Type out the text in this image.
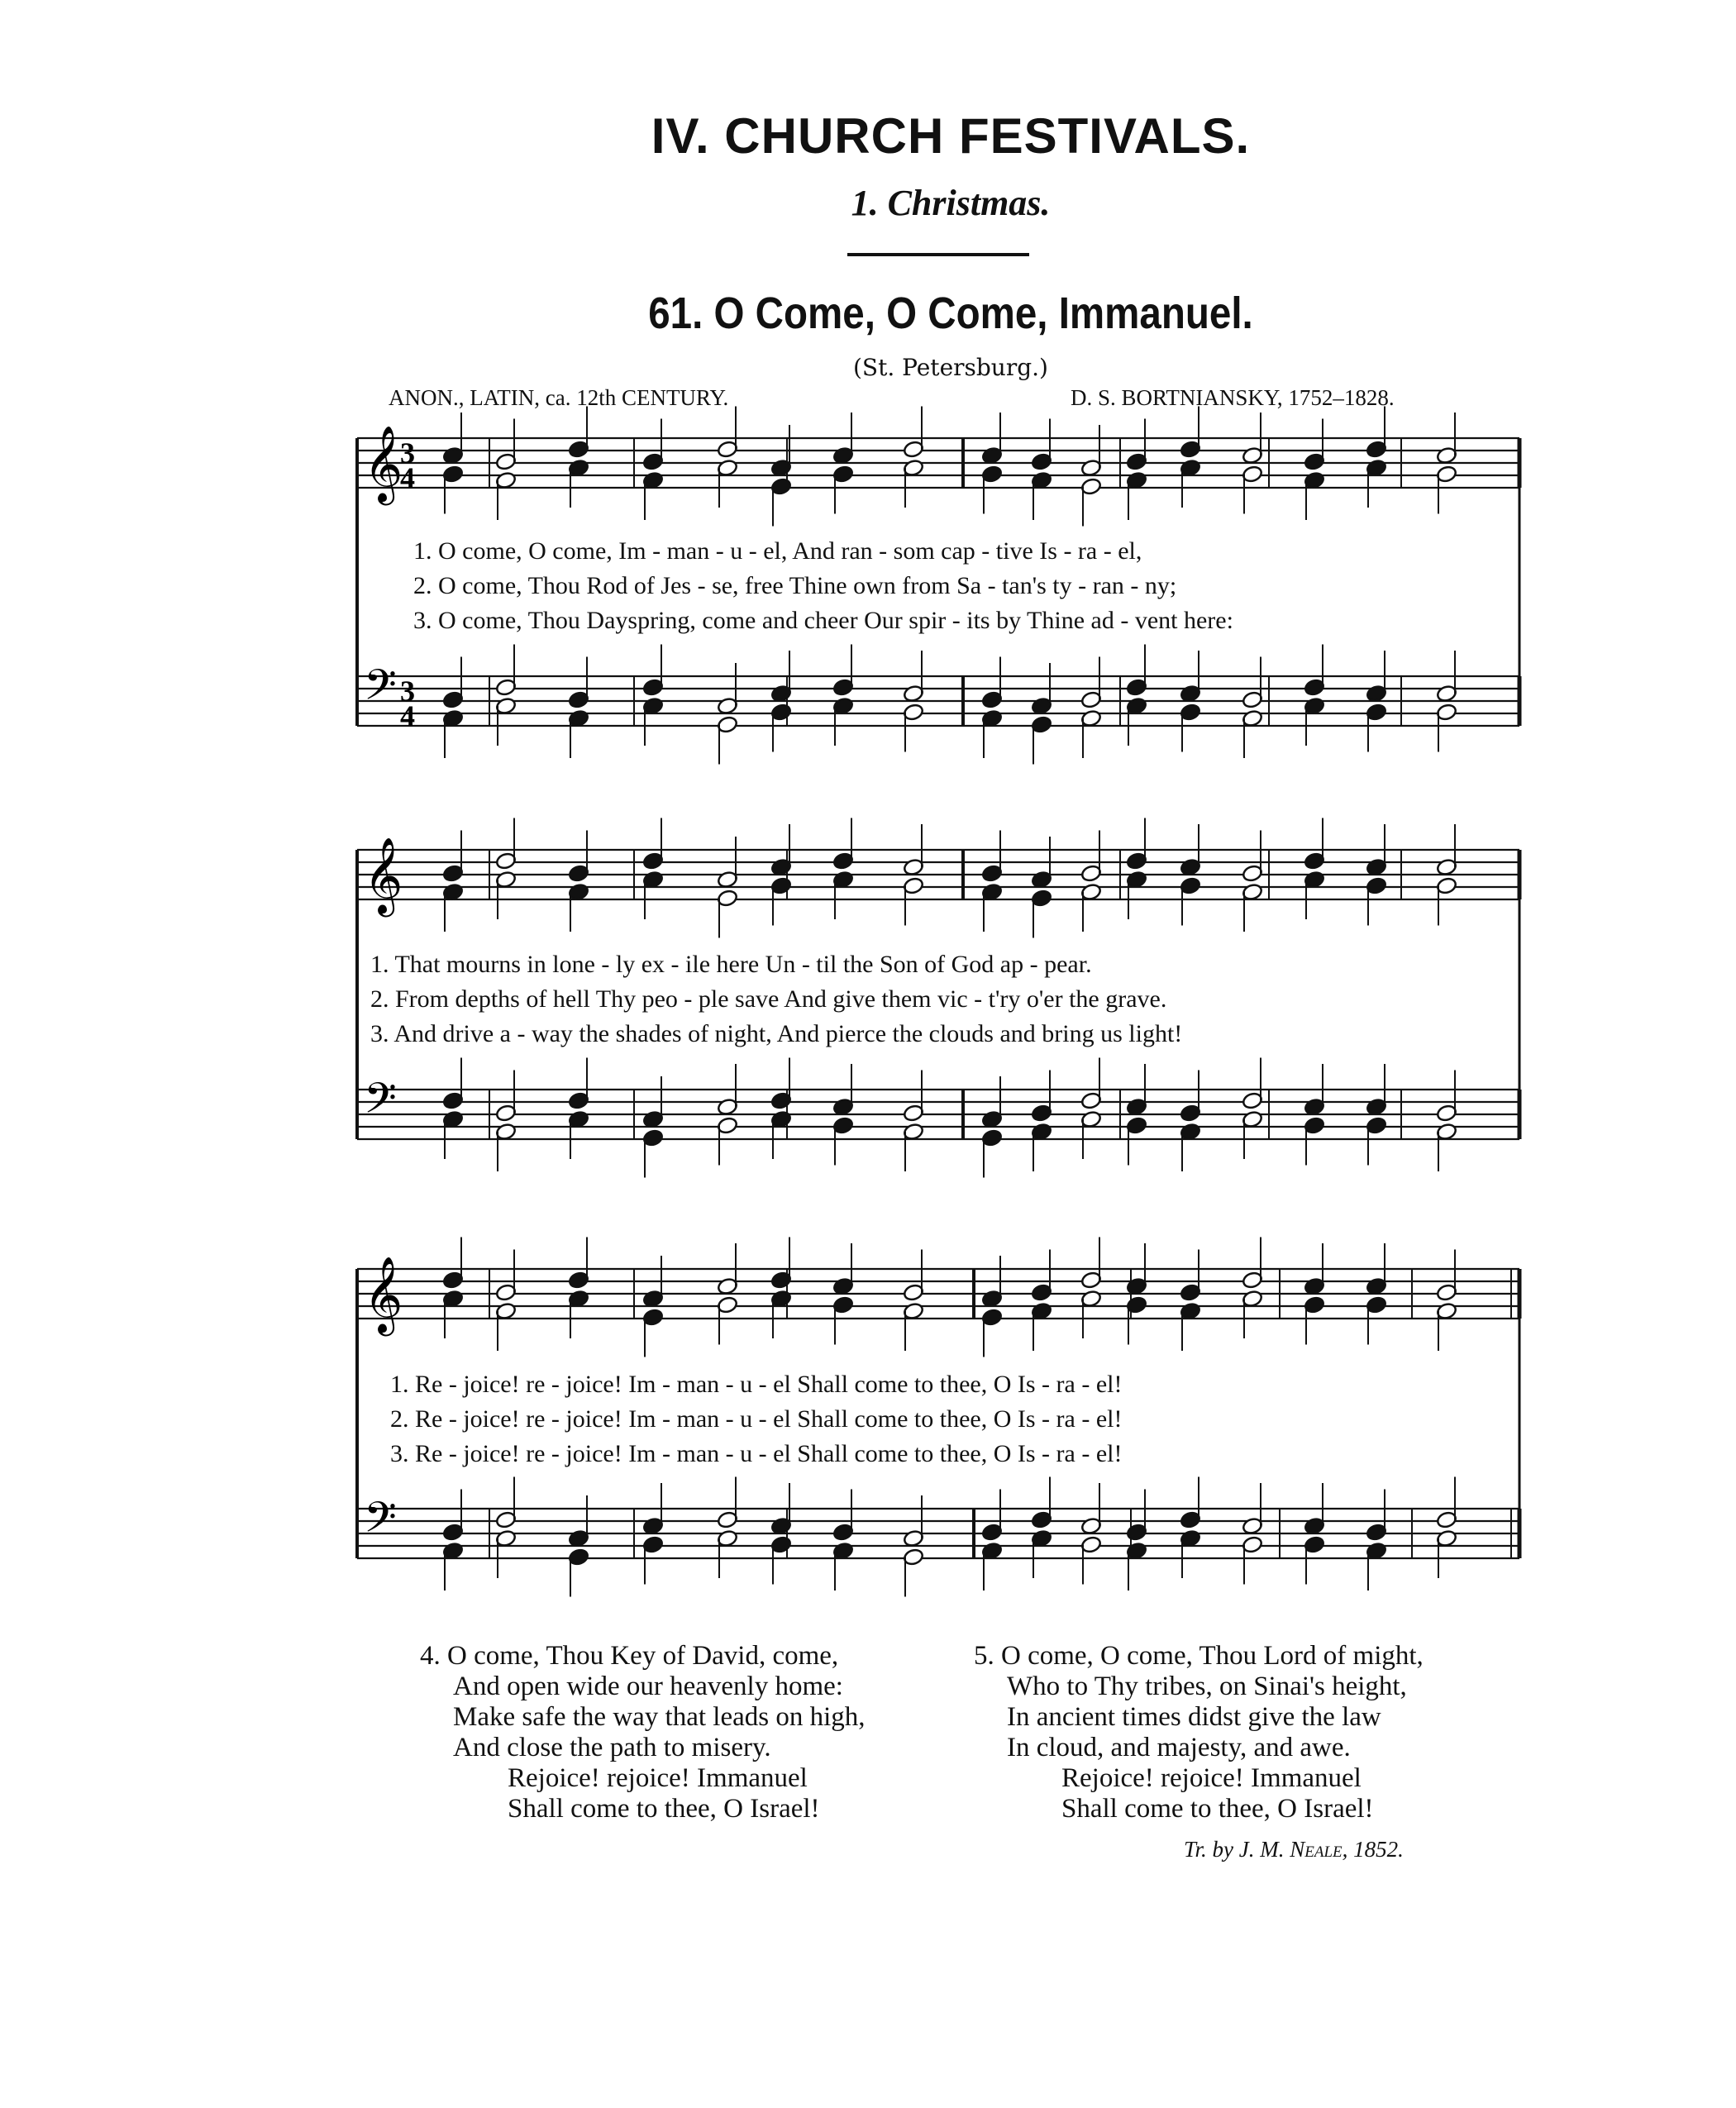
IV. CHURCH FESTIVALS.
1. Christmas.
61. O Come, O Come, Immanuel.
(St. Petersburg.)
ANON., LATIN, ca. 12th CENTURY.	D. S. BORTNIANSKY, 1752–1828.
𝄞
3
4
𝄢 3
4
𝄞
𝄢
𝄞
𝄢
1. O come, O come, Im - man - u - el, And ran - som cap - tive Is - ra - el,
2. O come, Thou Rod of Jes - se, free Thine own from Sa - tan's ty - ran - ny;
3. O come, Thou Dayspring, come and cheer Our spir - its by Thine ad - vent here:
1. That mourns in lone - ly ex - ile here Un - til the Son of God ap - pear.
2. From depths of hell Thy peo - ple save And give them vic - t'ry o'er the grave.
3. And drive a - way the shades of night, And pierce the clouds and bring us light!
1. Re - joice! re - joice! Im - man - u - el Shall come to thee, O Is - ra - el!
2. Re - joice! re - joice! Im - man - u - el Shall come to thee, O Is - ra - el!
3. Re - joice! re - joice! Im - man - u - el Shall come to thee, O Is - ra - el!
4. O come, Thou Key of David, come,
And open wide our heavenly home:
Make safe the way that leads on high,
And close the path to misery.
Rejoice! rejoice! Immanuel
Shall come to thee, O Israel!
5. O come, O come, Thou Lord of might,
Who to Thy tribes, on Sinai's height,
In ancient times didst give the law
In cloud, and majesty, and awe.
Rejoice! rejoice! Immanuel
Shall come to thee, O Israel!
Tr. by J. M. Neale, 1852.
